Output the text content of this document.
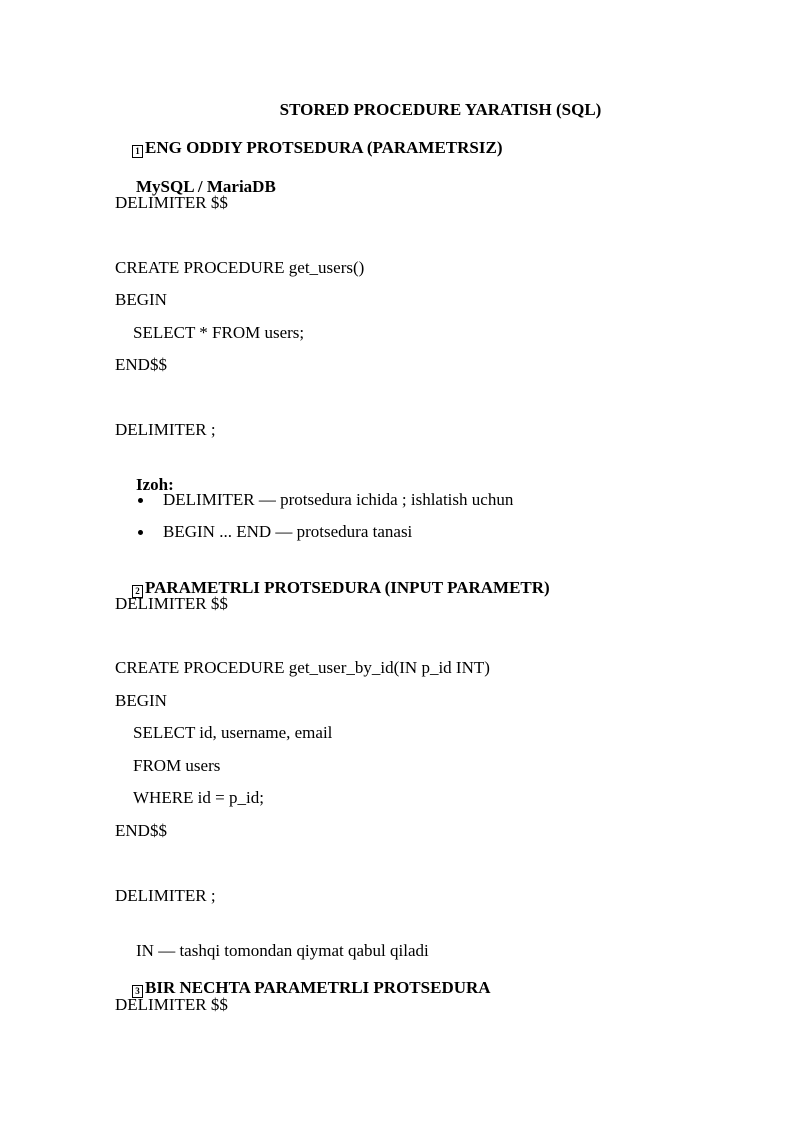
STORED PROCEDURE YARATISH (SQL)

1 ENG ODDIY PROTSEDURA (PARAMETRSIZ)

MySQL / MariaDB

DELIMITER $$
CREATE PROCEDURE get_users()
BEGIN
SELECT * FROM users;
END$$
DELIMITER ;

Izoh:

DELIMITER — protsedura ichida ; ishlatish uchun
BEGIN ... END — protsedura tanasi

2 PARAMETRLI PROTSEDURA (INPUT PARAMETR)

DELIMITER $$
CREATE PROCEDURE get_user_by_id(IN p_id INT)
BEGIN
SELECT id, username, email
FROM users
WHERE id = p_id;
END$$
DELIMITER ;

IN — tashqi tomondan qiymat qabul qiladi

3 BIR NECHTA PARAMETRLI PROTSEDURA

DELIMITER $$
